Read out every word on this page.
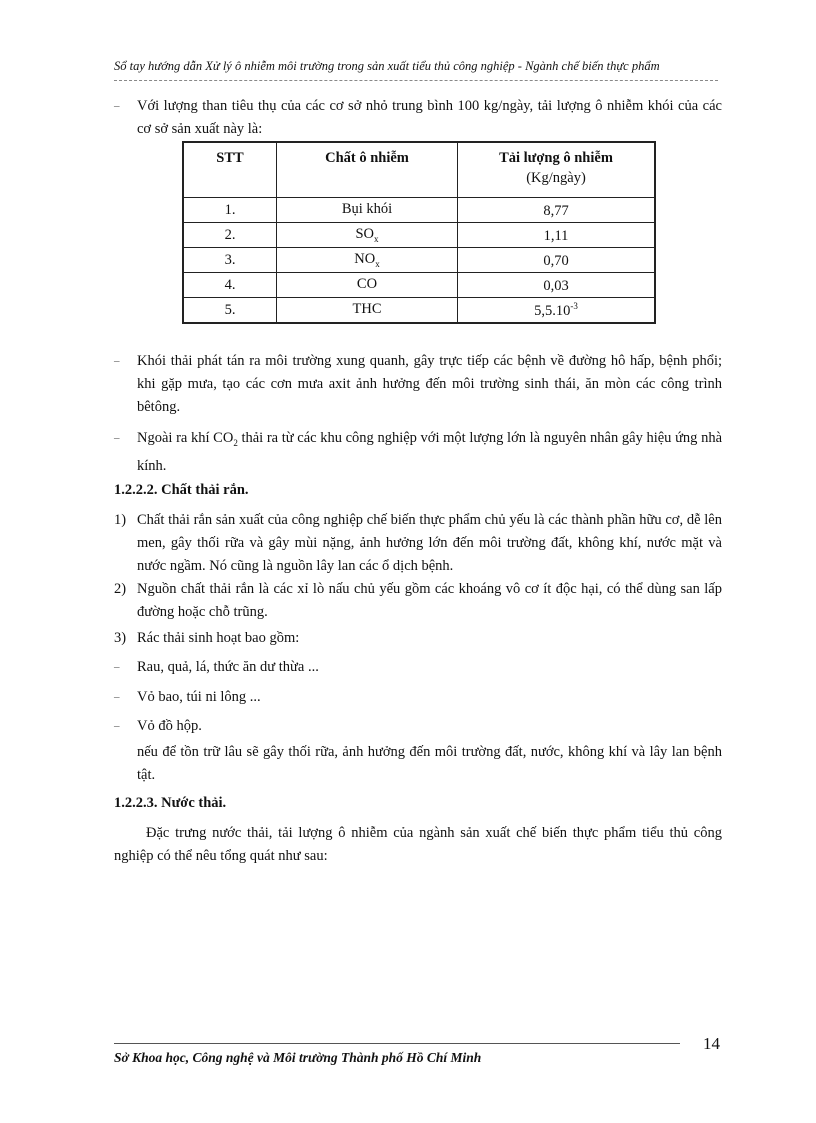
Sổ tay hướng dẫn Xử lý ô nhiễm môi trường trong sản xuất tiểu thủ công nghiệp - Ngành chế biến thực phẩm
– Với lượng than tiêu thụ của các cơ sở nhỏ trung bình 100 kg/ngày, tải lượng ô nhiễm khói của các cơ sở sản xuất này là:
STT	Chất ô nhiễm	Tải lượng ô nhiễm
(Kg/ngày)

1.	Bụi khói	8,77
2.	$SO_x$	1,11
3.	$NO_x$	0,70
4.	CO	0,03
5.	THC	$5,5.10^{-3}$
– Khói thải phát tán ra môi trường xung quanh, gây trực tiếp các bệnh về đường hô hấp, bệnh phổi; khi gặp mưa, tạo các cơn mưa axit ảnh hưởng đến môi trường sinh thái, ăn mòn các công trình bêtông.
– Ngoài ra khí $CO_2$ thải ra từ các khu công nghiệp với một lượng lớn là nguyên nhân gây hiệu ứng nhà kính.
1.2.2.2. Chất thải rắn.
1) Chất thải rắn sản xuất của công nghiệp chế biến thực phẩm chủ yếu là các thành phần hữu cơ, dễ lên men, gây thối rữa và gây mùi nặng, ảnh hưởng lớn đến môi trường đất, không khí, nước mặt và nước ngầm. Nó cũng là nguồn lây lan các ổ dịch bệnh.
2) Nguồn chất thải rắn là các xỉ lò nấu chủ yếu gồm các khoáng vô cơ ít độc hại, có thể dùng san lấp đường hoặc chỗ trũng.
3) Rác thải sinh hoạt bao gồm:
– Rau, quả, lá, thức ăn dư thừa ...
– Vỏ bao, túi ni lông ...
– Vỏ đồ hộp.
nếu để tồn trữ lâu sẽ gây thối rữa, ảnh hưởng đến môi trường đất, nước, không khí và lây lan bệnh tật.
1.2.2.3. Nước thải.
Đặc trưng nước thải, tải lượng ô nhiễm của ngành sản xuất chế biến thực phẩm tiểu thủ công nghiệp có thể nêu tổng quát như sau:
14
Sở Khoa học, Công nghệ và Môi trường Thành phố Hồ Chí Minh
